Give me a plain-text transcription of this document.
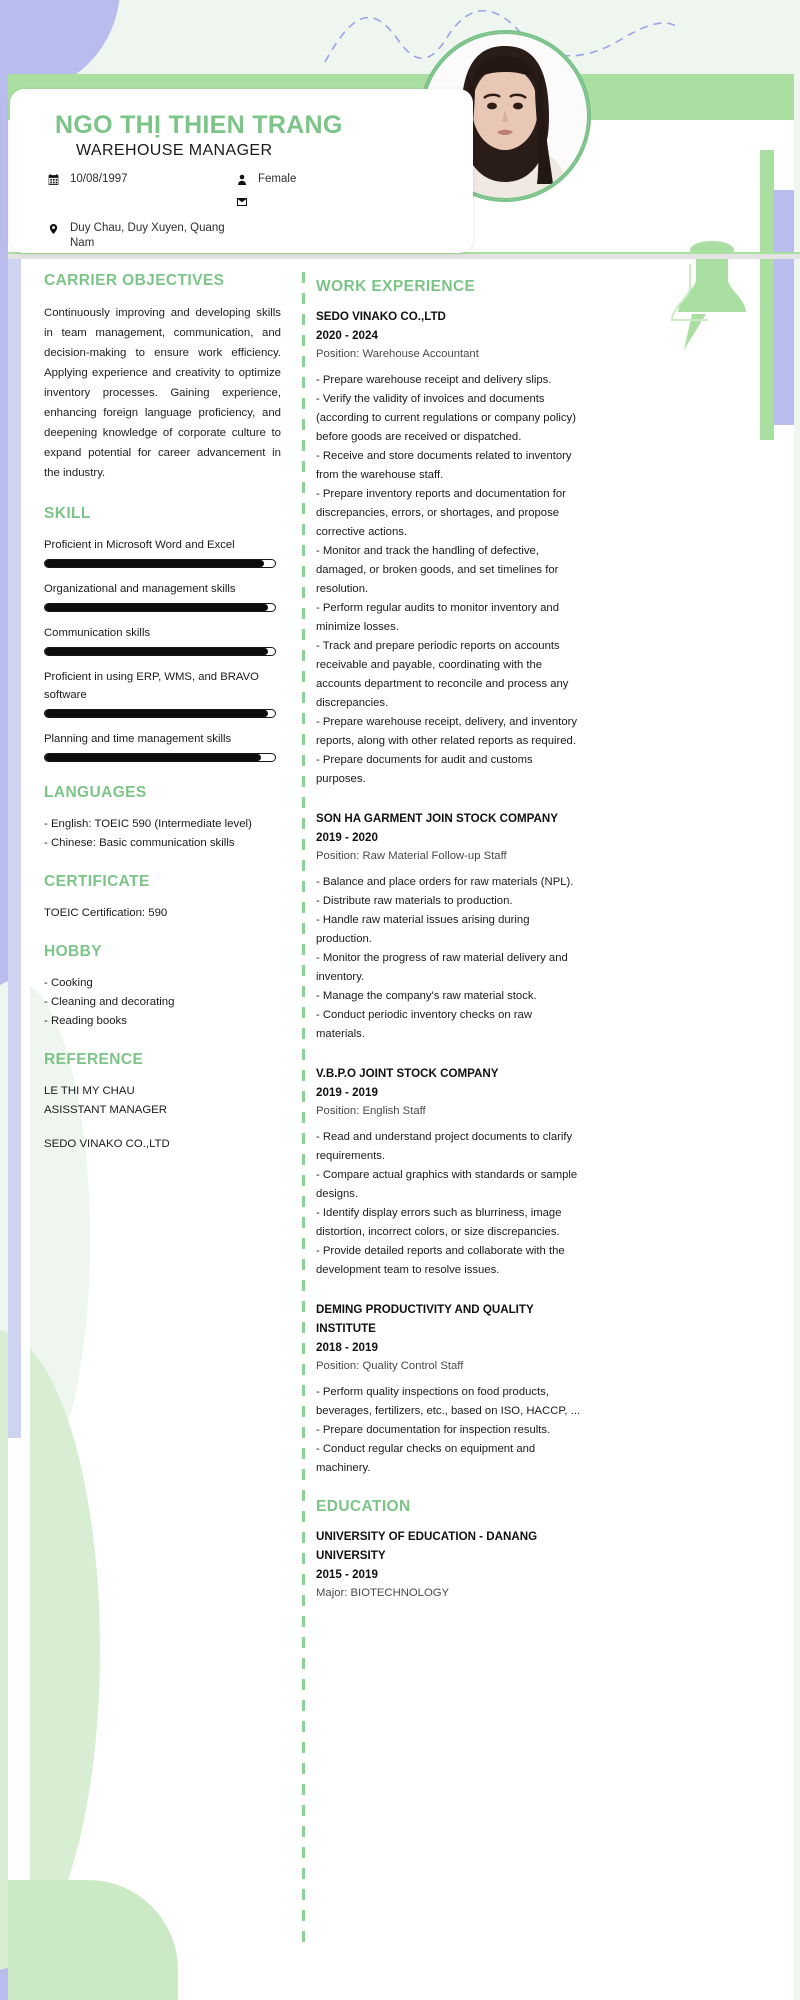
NGO THỊ THIEN TRANG
WAREHOUSE MANAGER
10/08/1997	Female
Duy Chau, Duy Xuyen, Quang Nam
CARRIER OBJECTIVES
Continuously improving and developing skills in team management, communication, and decision-making to ensure work efficiency. Applying experience and creativity to optimize inventory processes. Gaining experience, enhancing foreign language proficiency, and deepening knowledge of corporate culture to expand potential for career advancement in the industry.
SKILL
Proficient in Microsoft Word and Excel
Organizational and management skills
Communication skills
Proficient in using ERP, WMS, and BRAVO software
Planning and time management skills
LANGUAGES
- English: TOEIC 590 (Intermediate level)
- Chinese: Basic communication skills
CERTIFICATE
TOEIC Certification: 590
HOBBY
- Cooking
- Cleaning and decorating
- Reading books
REFERENCE
LE THI MY CHAU
ASISSTANT MANAGER
SEDO VINAKO CO.,LTD
WORK EXPERIENCE
SEDO VINAKO CO.,LTD
2020 - 2024
Position: Warehouse Accountant
- Prepare warehouse receipt and delivery slips.
- Verify the validity of invoices and documents (according to current regulations or company policy) before goods are received or dispatched.
- Receive and store documents related to inventory from the warehouse staff.
- Prepare inventory reports and documentation for discrepancies, errors, or shortages, and propose corrective actions.
- Monitor and track the handling of defective, damaged, or broken goods, and set timelines for resolution.
- Perform regular audits to monitor inventory and minimize losses.
- Track and prepare periodic reports on accounts receivable and payable, coordinating with the accounts department to reconcile and process any discrepancies.
- Prepare warehouse receipt, delivery, and inventory reports, along with other related reports as required.
- Prepare documents for audit and customs purposes.
SON HA GARMENT JOIN STOCK COMPANY
2019 - 2020
Position: Raw Material Follow-up Staff
- Balance and place orders for raw materials (NPL).
- Distribute raw materials to production.
- Handle raw material issues arising during production.
- Monitor the progress of raw material delivery and inventory.
- Manage the company's raw material stock.
- Conduct periodic inventory checks on raw materials.
V.B.P.O JOINT STOCK COMPANY
2019 - 2019
Position: English Staff
- Read and understand project documents to clarify requirements.
- Compare actual graphics with standards or sample designs.
- Identify display errors such as blurriness, image distortion, incorrect colors, or size discrepancies.
- Provide detailed reports and collaborate with the development team to resolve issues.
DEMING PRODUCTIVITY AND QUALITY INSTITUTE
2018 - 2019
Position: Quality Control Staff
- Perform quality inspections on food products, beverages, fertilizers, etc., based on ISO, HACCP, ...
- Prepare documentation for inspection results.
- Conduct regular checks on equipment and machinery.
EDUCATION
UNIVERSITY OF EDUCATION - DANANG UNIVERSITY
2015 - 2019
Major: BIOTECHNOLOGY
